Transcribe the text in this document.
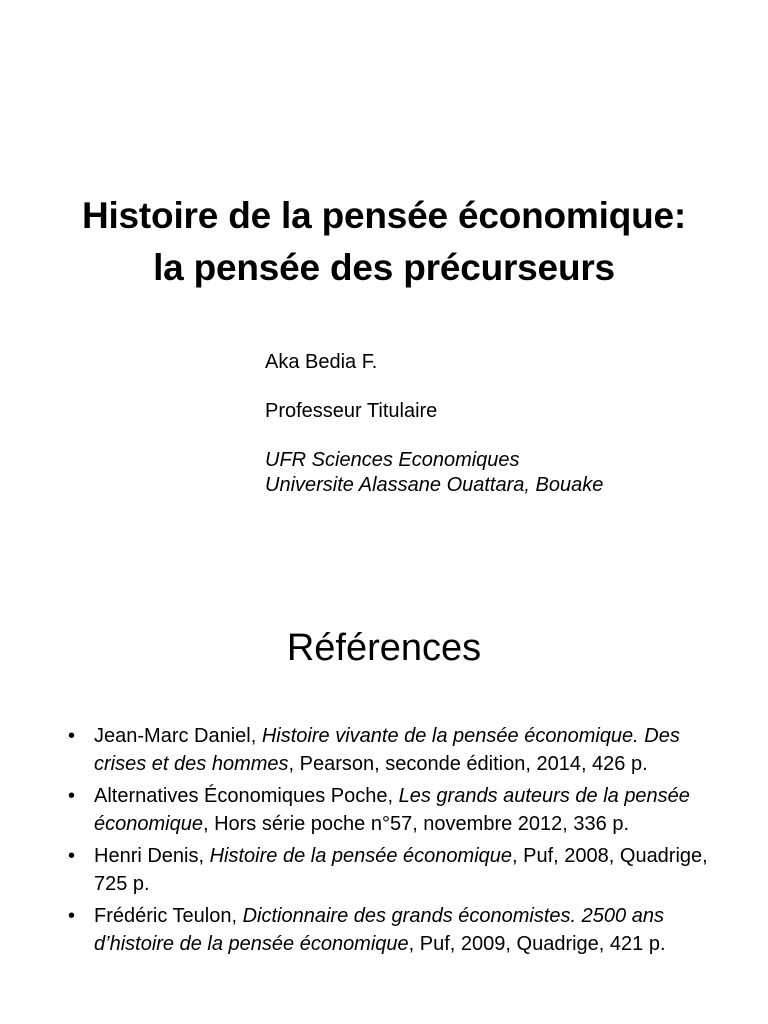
Histoire de la pensée économique:
la pensée des précurseurs
Aka Bedia F.
Professeur Titulaire
UFR Sciences Economiques
Universite Alassane Ouattara, Bouake
Références
• Jean-Marc Daniel, Histoire vivante de la pensée économique. Des crises et des hommes, Pearson, seconde édition, 2014, 426 p.
• Alternatives Économiques Poche, Les grands auteurs de la pensée économique, Hors série poche n°57, novembre 2012, 336 p.
• Henri Denis, Histoire de la pensée économique, Puf, 2008, Quadrige, 725 p.
• Frédéric Teulon, Dictionnaire des grands économistes. 2500 ans d’histoire de la pensée économique, Puf, 2009, Quadrige, 421 p.
